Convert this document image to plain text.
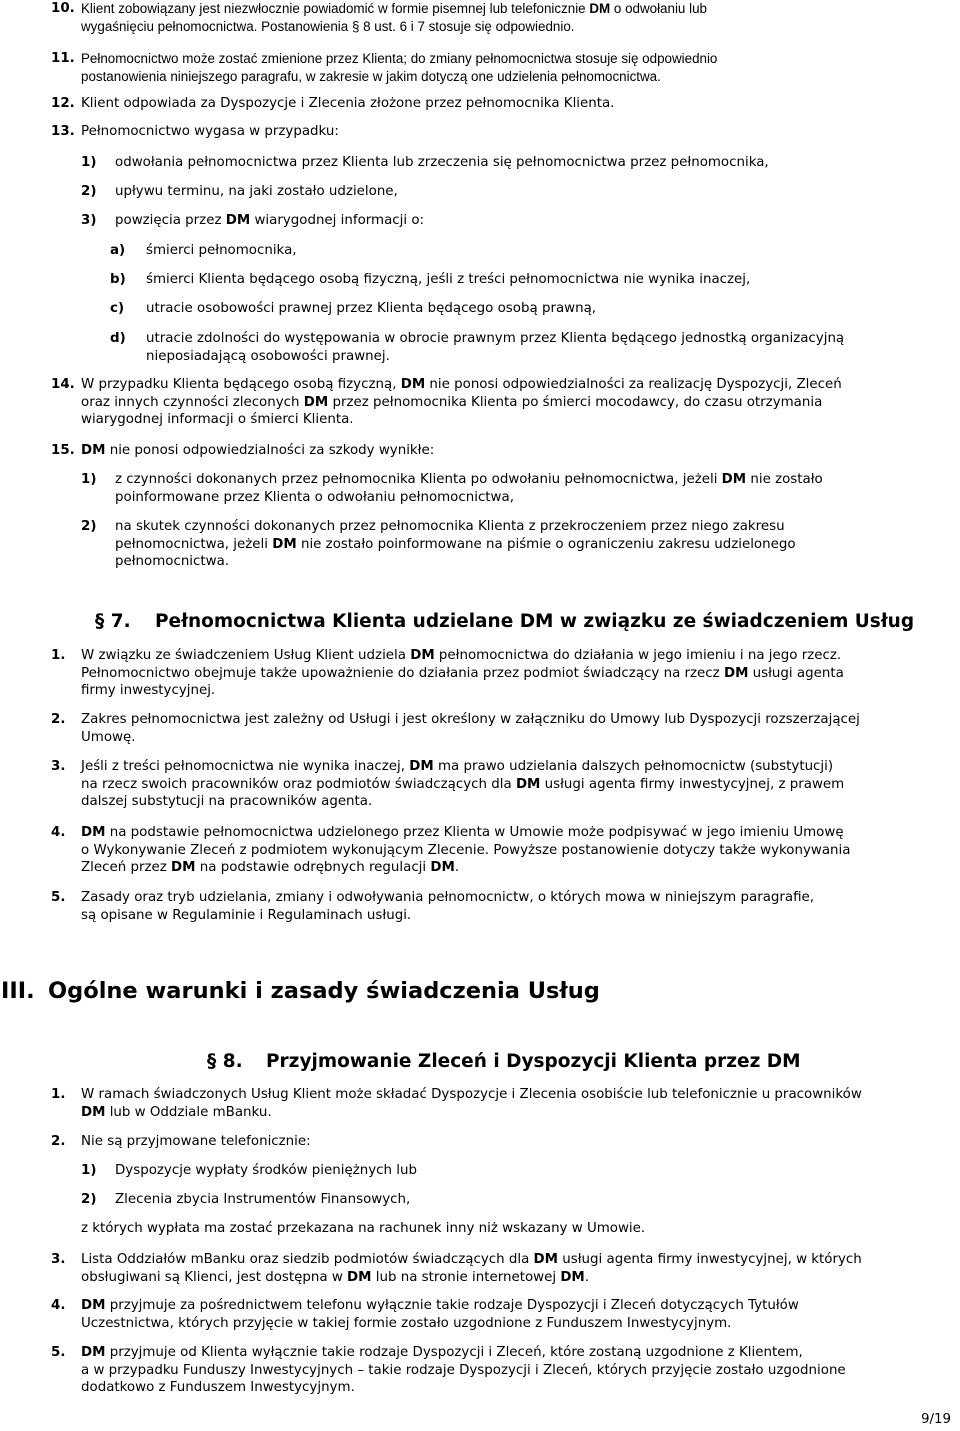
10. Klient zobowiązany jest niezwłocznie powiadomić w formie pisemnej lub telefonicznie DM o odwołaniu lub
wygaśnięciu pełnomocnictwa. Postanowienia § 8 ust. 6 i 7 stosuje się odpowiednio.
11. Pełnomocnictwo może zostać zmienione przez Klienta; do zmiany pełnomocnictwa stosuje się odpowiednio
postanowienia niniejszego paragrafu, w zakresie w jakim dotyczą one udzielenia pełnomocnictwa.
12. Klient odpowiada za Dyspozycje i Zlecenia złożone przez pełnomocnika Klienta.
13. Pełnomocnictwo wygasa w przypadku:
1) odwołania pełnomocnictwa przez Klienta lub zrzeczenia się pełnomocnictwa przez pełnomocnika,
2) upływu terminu, na jaki zostało udzielone,
3) powzięcia przez DM wiarygodnej informacji o:
a) śmierci pełnomocnika,
b) śmierci Klienta będącego osobą fizyczną, jeśli z treści pełnomocnictwa nie wynika inaczej,
c) utracie osobowości prawnej przez Klienta będącego osobą prawną,
d) utracie zdolności do występowania w obrocie prawnym przez Klienta będącego jednostką organizacyjną
nieposiadającą osobowości prawnej.
14. W przypadku Klienta będącego osobą fizyczną, DM nie ponosi odpowiedzialności za realizację Dyspozycji, Zleceń
oraz innych czynności zleconych DM przez pełnomocnika Klienta po śmierci mocodawcy, do czasu otrzymania
wiarygodnej informacji o śmierci Klienta.
15. DM nie ponosi odpowiedzialności za szkody wynikłe:
1) z czynności dokonanych przez pełnomocnika Klienta po odwołaniu pełnomocnictwa, jeżeli DM nie zostało
poinformowane przez Klienta o odwołaniu pełnomocnictwa,
2) na skutek czynności dokonanych przez pełnomocnika Klienta z przekroczeniem przez niego zakresu
pełnomocnictwa, jeżeli DM nie zostało poinformowane na piśmie o ograniczeniu zakresu udzielonego
pełnomocnictwa.
§ 7. Pełnomocnictwa Klienta udzielane DM w związku ze świadczeniem Usług
1. W związku ze świadczeniem Usług Klient udziela DM pełnomocnictwa do działania w jego imieniu i na jego rzecz.
Pełnomocnictwo obejmuje także upoważnienie do działania przez podmiot świadczący na rzecz DM usługi agenta
firmy inwestycyjnej.
2. Zakres pełnomocnictwa jest zależny od Usługi i jest określony w załączniku do Umowy lub Dyspozycji rozszerzającej
Umowę.
3. Jeśli z treści pełnomocnictwa nie wynika inaczej, DM ma prawo udzielania dalszych pełnomocnictw (substytucji)
na rzecz swoich pracowników oraz podmiotów świadczących dla DM usługi agenta firmy inwestycyjnej, z prawem
dalszej substytucji na pracowników agenta.
4. DM na podstawie pełnomocnictwa udzielonego przez Klienta w Umowie może podpisywać w jego imieniu Umowę
o Wykonywanie Zleceń z podmiotem wykonującym Zlecenie. Powyższe postanowienie dotyczy także wykonywania
Zleceń przez DM na podstawie odrębnych regulacji DM.
5. Zasady oraz tryb udzielania, zmiany i odwoływania pełnomocnictw, o których mowa w niniejszym paragrafie,
są opisane w Regulaminie i Regulaminach usługi.
III. Ogólne warunki i zasady świadczenia Usług
§ 8. Przyjmowanie Zleceń i Dyspozycji Klienta przez DM
1. W ramach świadczonych Usług Klient może składać Dyspozycje i Zlecenia osobiście lub telefonicznie u pracowników
DM lub w Oddziale mBanku.
2. Nie są przyjmowane telefonicznie:
1) Dyspozycje wypłaty środków pieniężnych lub
2) Zlecenia zbycia Instrumentów Finansowych,
z których wypłata ma zostać przekazana na rachunek inny niż wskazany w Umowie.
3. Lista Oddziałów mBanku oraz siedzib podmiotów świadczących dla DM usługi agenta firmy inwestycyjnej, w których
obsługiwani są Klienci, jest dostępna w DM lub na stronie internetowej DM.
4. DM przyjmuje za pośrednictwem telefonu wyłącznie takie rodzaje Dyspozycji i Zleceń dotyczących Tytułów
Uczestnictwa, których przyjęcie w takiej formie zostało uzgodnione z Funduszem Inwestycyjnym.
5. DM przyjmuje od Klienta wyłącznie takie rodzaje Dyspozycji i Zleceń, które zostaną uzgodnione z Klientem,
a w przypadku Funduszy Inwestycyjnych – takie rodzaje Dyspozycji i Zleceń, których przyjęcie zostało uzgodnione
dodatkowo z Funduszem Inwestycyjnym.
9/19
